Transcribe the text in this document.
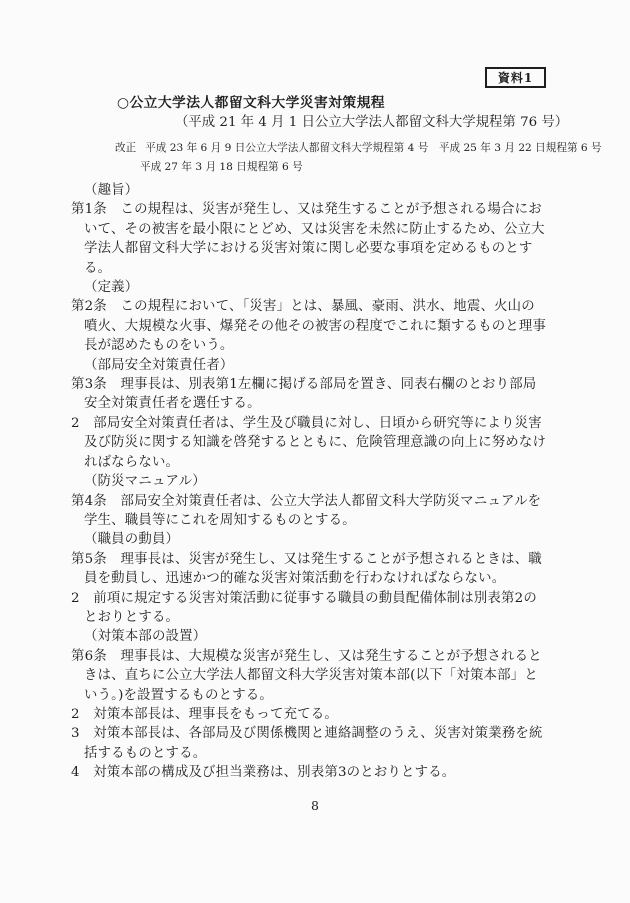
資料1
○公立大学法人都留文科大学災害対策規程
（平成 21 年 4 月 1 日公立大学法人都留文科大学規程第 76 号）
改正 平成 23 年 6 月 9 日公立大学法人都留文科大学規程第 4 号　平成 25 年 3 月 22 日規程第 6 号
平成 27 年 3 月 18 日規程第 6 号
（趣旨）
第1条　この規程は、災害が発生し、又は発生することが予想される場合にお
いて、その被害を最小限にとどめ、又は災害を未然に防止するため、公立大
学法人都留文科大学における災害対策に関し必要な事項を定めるものとす
る。
（定義）
第2条　この規程において、「災害」とは、暴風、豪雨、洪水、地震、火山の
噴火、大規模な火事、爆発その他その被害の程度でこれに類するものと理事
長が認めたものをいう。
（部局安全対策責任者）
第3条　理事長は、別表第1左欄に掲げる部局を置き、同表右欄のとおり部局
安全対策責任者を選任する。
2　部局安全対策責任者は、学生及び職員に対し、日頃から研究等により災害
及び防災に関する知識を啓発するとともに、危険管理意識の向上に努めなけ
ればならない。
（防災マニュアル）
第4条　部局安全対策責任者は、公立大学法人都留文科大学防災マニュアルを
学生、職員等にこれを周知するものとする。
（職員の動員）
第5条　理事長は、災害が発生し、又は発生することが予想されるときは、職
員を動員し、迅速かつ的確な災害対策活動を行わなければならない。
2　前項に規定する災害対策活動に従事する職員の動員配備体制は別表第2の
とおりとする。
（対策本部の設置）
第6条　理事長は、大規模な災害が発生し、又は発生することが予想されると
きは、直ちに公立大学法人都留文科大学災害対策本部(以下「対策本部」と
いう。)を設置するものとする。
2　対策本部長は、理事長をもって充てる。
3　対策本部長は、各部局及び関係機関と連絡調整のうえ、災害対策業務を統
括するものとする。
4　対策本部の構成及び担当業務は、別表第3のとおりとする。
8
